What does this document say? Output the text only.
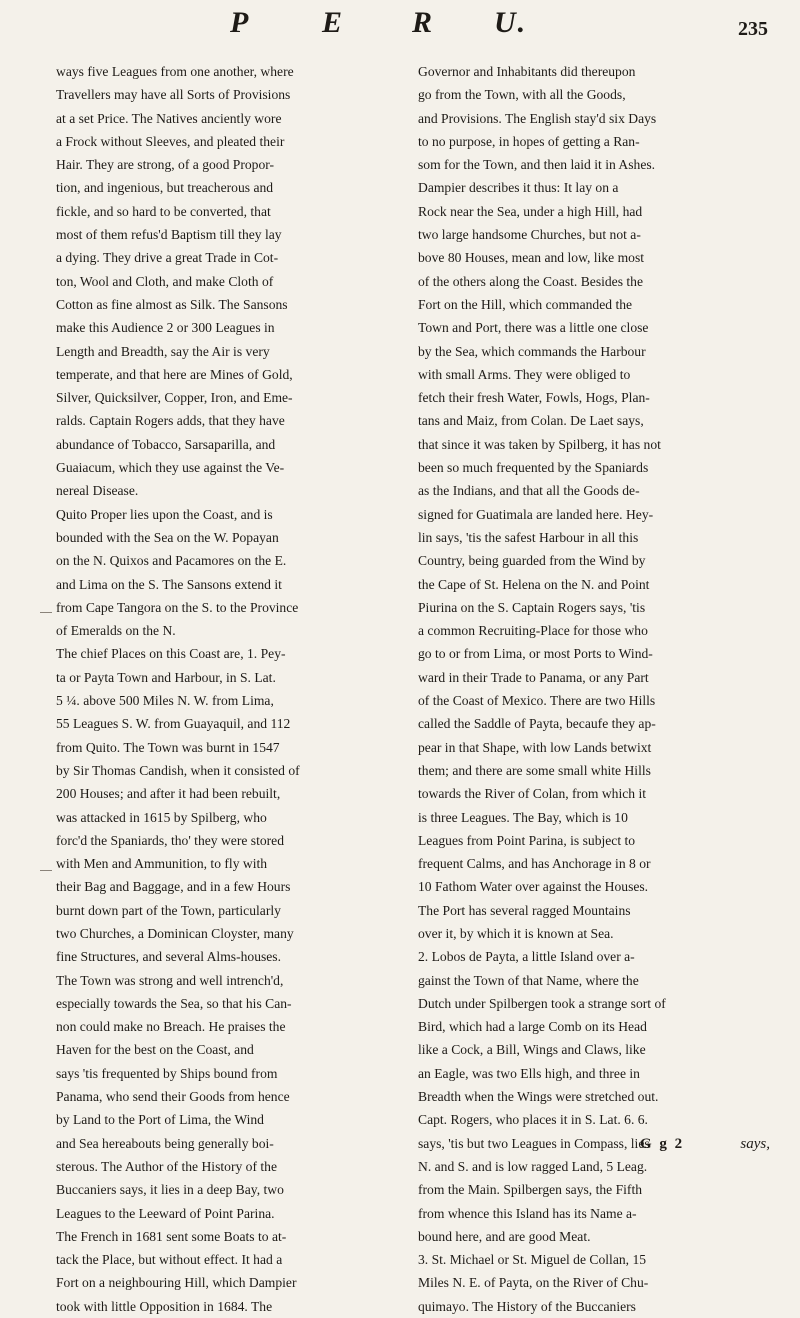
P E R U.	235
ways five Leagues from one another, where
Travellers may have all Sorts of Provisions
at a set Price. The Natives anciently wore
a Frock without Sleeves, and pleated their
Hair. They are strong, of a good Propor-
tion, and ingenious, but treacherous and
fickle, and so hard to be converted, that
most of them refus'd Baptism till they lay
a dying. They drive a great Trade in Cot-
ton, Wool and Cloth, and make Cloth of
Cotton as fine almost as Silk. The Sansons
make this Audience 2 or 300 Leagues in
Length and Breadth, say the Air is very
temperate, and that here are Mines of Gold,
Silver, Quicksilver, Copper, Iron, and Eme-
ralds. Captain Rogers adds, that they have
abundance of Tobacco, Sarsaparilla, and
Guaiacum, which they use against the Ve-
nereal Disease.
Quito Proper lies upon the Coast, and is
bounded with the Sea on the W. Popayan
on the N. Quixos and Pacamores on the E.
and Lima on the S. The Sansons extend it
from Cape Tangora on the S. to the Province
of Emeralds on the N.
The chief Places on this Coast are, 1. Pey-
ta or Payta Town and Harbour, in S. Lat.
5 ¼. above 500 Miles N. W. from Lima,
55 Leagues S. W. from Guayaquil, and 112
from Quito. The Town was burnt in 1547
by Sir Thomas Candish, when it consisted of
200 Houses; and after it had been rebuilt,
was attacked in 1615 by Spilberg, who
forc'd the Spaniards, tho' they were stored
with Men and Ammunition, to fly with
their Bag and Baggage, and in a few Hours
burnt down part of the Town, particularly
two Churches, a Dominican Cloyster, many
fine Structures, and several Alms-houses.
The Town was strong and well intrench'd,
especially towards the Sea, so that his Can-
non could make no Breach. He praises the
Haven for the best on the Coast, and
says 'tis frequented by Ships bound from
Panama, who send their Goods from hence
by Land to the Port of Lima, the Wind
and Sea hereabouts being generally boi-
sterous. The Author of the History of the
Buccaniers says, it lies in a deep Bay, two
Leagues to the Leeward of Point Parina.
The French in 1681 sent some Boats to at-
tack the Place, but without effect. It had a
Fort on a neighbouring Hill, which Dampier
took with little Opposition in 1684. The
Governor and Inhabitants did thereupon
go from the Town, with all the Goods,
and Provisions. The English stay'd six Days
to no purpose, in hopes of getting a Ran-
som for the Town, and then laid it in Ashes.
Dampier describes it thus: It lay on a
Rock near the Sea, under a high Hill, had
two large handsome Churches, but not a-
bove 80 Houses, mean and low, like most
of the others along the Coast. Besides the
Fort on the Hill, which commanded the
Town and Port, there was a little one close
by the Sea, which commands the Harbour
with small Arms. They were obliged to
fetch their fresh Water, Fowls, Hogs, Plan-
tans and Maiz, from Colan. De Laet says,
that since it was taken by Spilberg, it has not
been so much frequented by the Spaniards
as the Indians, and that all the Goods de-
signed for Guatimala are landed here. Hey-
lin says, 'tis the safest Harbour in all this
Country, being guarded from the Wind by
the Cape of St. Helena on the N. and Point
Piurina on the S. Captain Rogers says, 'tis
a common Recruiting-Place for those who
go to or from Lima, or most Ports to Wind-
ward in their Trade to Panama, or any Part
of the Coast of Mexico. There are two Hills
called the Saddle of Payta, becaufe they ap-
pear in that Shape, with low Lands betwixt
them; and there are some small white Hills
towards the River of Colan, from which it
is three Leagues. The Bay, which is 10
Leagues from Point Parina, is subject to
frequent Calms, and has Anchorage in 8 or
10 Fathom Water over against the Houses.
The Port has several ragged Mountains
over it, by which it is known at Sea.
2. Lobos de Payta, a little Island over a-
gainst the Town of that Name, where the
Dutch under Spilbergen took a strange sort of
Bird, which had a large Comb on its Head
like a Cock, a Bill, Wings and Claws, like
an Eagle, was two Ells high, and three in
Breadth when the Wings were stretched out.
Capt. Rogers, who places it in S. Lat. 6. 6.
says, 'tis but two Leagues in Compass, lies
N. and S. and is low ragged Land, 5 Leag.
from the Main. Spilbergen says, the Fifth
from whence this Island has its Name a-
bound here, and are good Meat.
3. St. Michael or St. Miguel de Collan, 15
Miles N. E. of Payta, on the River of Chu-
quimayo. The History of the Buccaniers
G g 2	says,
